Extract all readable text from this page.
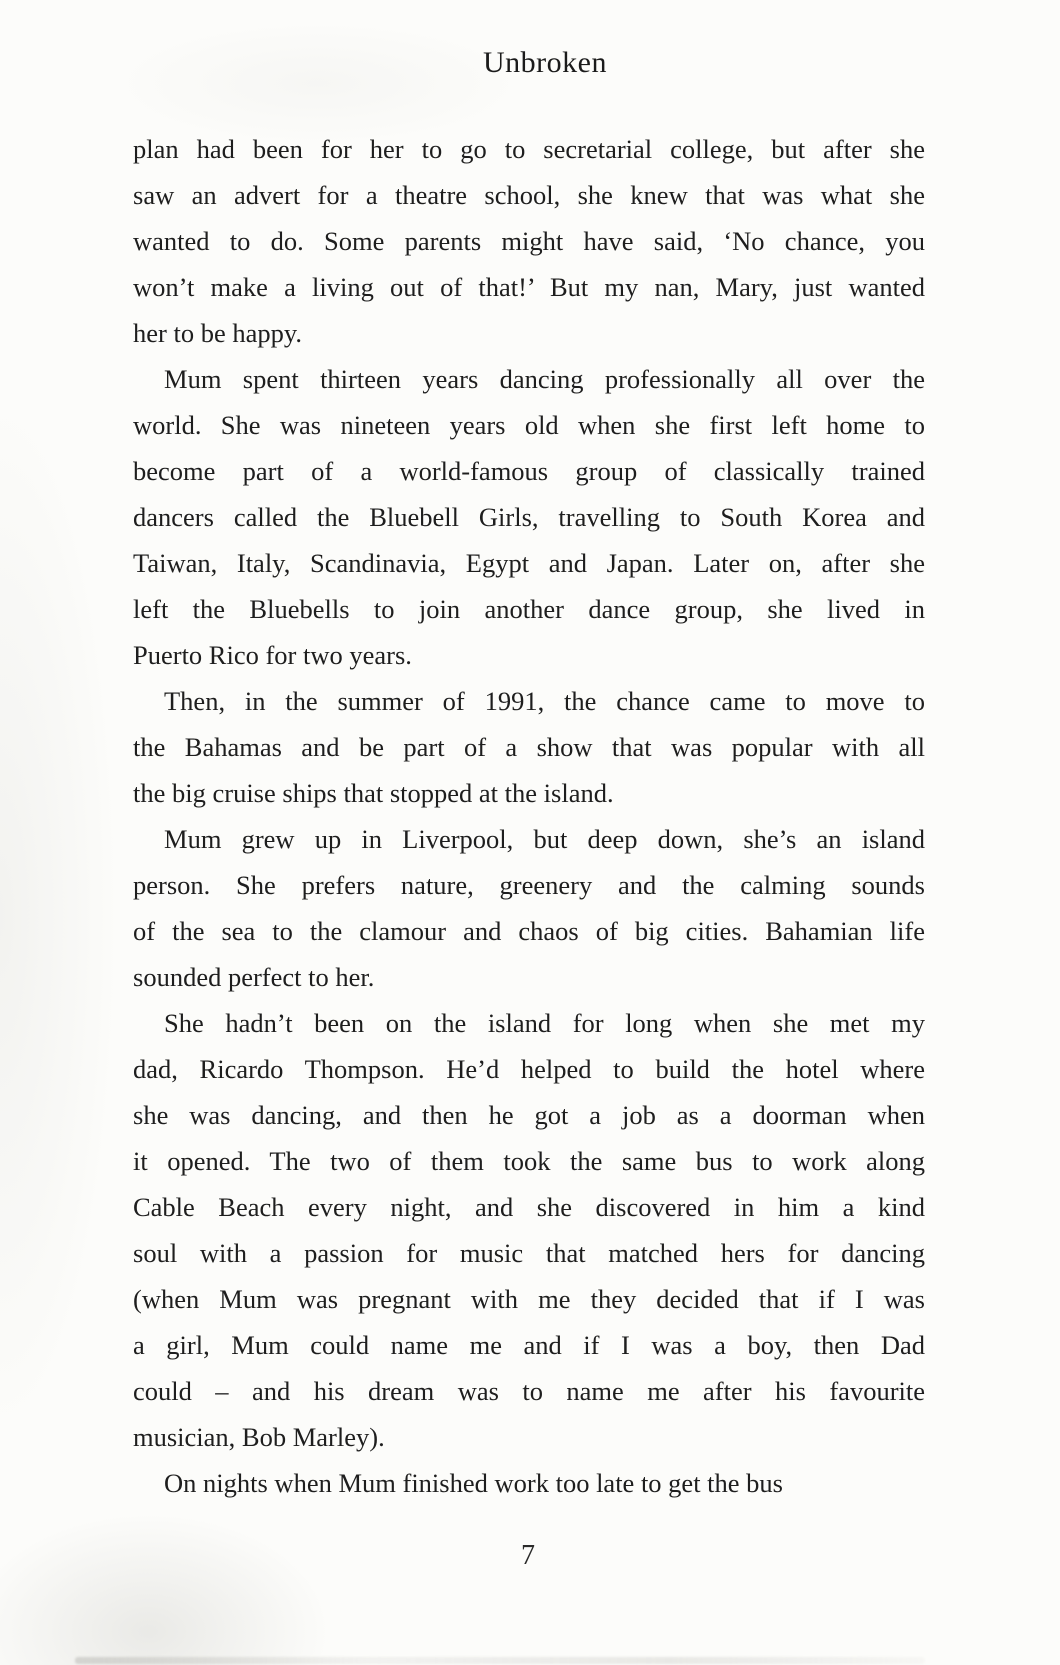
Unbroken
plan had been for her to go to secretarial college, but after she
saw an advert for a theatre school, she knew that was what she
wanted to do. Some parents might have said, ‘No chance, you
won’t make a living out of that!’ But my nan, Mary, just wanted
her to be happy.
Mum spent thirteen years dancing professionally all over the
world. She was nineteen years old when she first left home to
become part of a world-famous group of classically trained
dancers called the Bluebell Girls, travelling to South Korea and
Taiwan, Italy, Scandinavia, Egypt and Japan. Later on, after she
left the Bluebells to join another dance group, she lived in
Puerto Rico for two years.
Then, in the summer of 1991, the chance came to move to
the Bahamas and be part of a show that was popular with all
the big cruise ships that stopped at the island.
Mum grew up in Liverpool, but deep down, she’s an island
person. She prefers nature, greenery and the calming sounds
of the sea to the clamour and chaos of big cities. Bahamian life
sounded perfect to her.
She hadn’t been on the island for long when she met my
dad, Ricardo Thompson. He’d helped to build the hotel where
she was dancing, and then he got a job as a doorman when
it opened. The two of them took the same bus to work along
Cable Beach every night, and she discovered in him a kind
soul with a passion for music that matched hers for dancing
(when Mum was pregnant with me they decided that if I was
a girl, Mum could name me and if I was a boy, then Dad
could – and his dream was to name me after his favourite
musician, Bob Marley).
On nights when Mum finished work too late to get the bus
7
